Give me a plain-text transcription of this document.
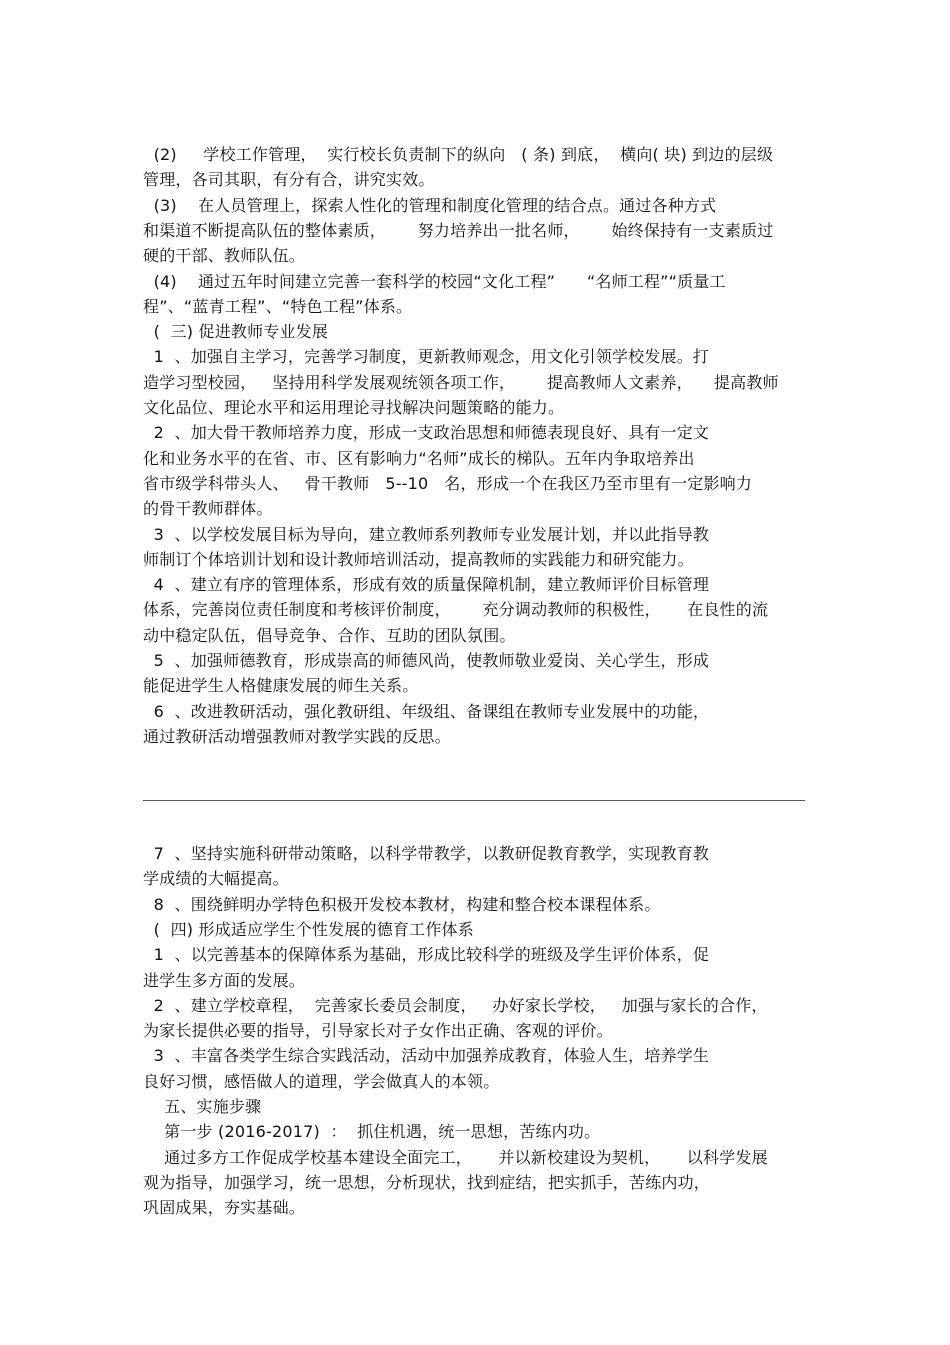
(2)     学校工作管理，  实行校长负责制下的纵向   ( 条) 到底，  横向( 块) 到边的层级
管理，各司其职，有分有合，讲究实效。
(3)    在人员管理上，探索人性化的管理和制度化管理的结合点。通过各种方式
和渠道不断提高队伍的整体素质，      努力培养出一批名师，      始终保持有一支素质过
硬的干部、教师队伍。
(4)    通过五年时间建立完善一套科学的校园“文化工程”      “名师工程”“质量工
程”、“蓝青工程”、“特色工程”体系。
(  三) 促进教师专业发展
1  、加强自主学习，完善学习制度，更新教师观念，用文化引领学校发展。打
造学习型校园，   坚持用科学发展观统领各项工作，      提高教师人文素养，    提高教师
文化品位、理论水平和运用理论寻找解决问题策略的能力。
2  、加大骨干教师培养力度，形成一支政治思想和师德表现良好、具有一定文
化和业务水平的在省、市、区有影响力“名师”成长的梯队。五年内争取培养出
省市级学科带头人、   骨干教师   5--10   名，形成一个在我区乃至市里有一定影响力
的骨干教师群体。
3  、以学校发展目标为导向，建立教师系列教师专业发展计划，并以此指导教
师制订个体培训计划和设计教师培训活动，提高教师的实践能力和研究能力。
4  、建立有序的管理体系，形成有效的质量保障机制，建立教师评价目标管理
体系，完善岗位责任制度和考核评价制度，      充分调动教师的积极性，     在良性的流
动中稳定队伍，倡导竞争、合作、互助的团队氛围。
5  、加强师德教育，形成崇高的师德风尚，使教师敬业爱岗、关心学生，形成
能促进学生人格健康发展的师生关系。
6  、改进教研活动，强化教研组、年级组、备课组在教师专业发展中的功能，
通过教研活动增强教师对教学实践的反思。
7  、坚持实施科研带动策略，以科学带教学，以教研促教育教学，实现教育教
学成绩的大幅提高。
8  、围绕鲜明办学特色积极开发校本教材，构建和整合校本课程体系。
(  四) 形成适应学生个性发展的德育工作体系
1  、以完善基本的保障体系为基础，形成比较科学的班级及学生评价体系，促
进学生多方面的发展。
2  、建立学校章程，  完善家长委员会制度，   办好家长学校，   加强与家长的合作，
为家长提供必要的指导，引导家长对子女作出正确、客观的评价。
3  、丰富各类学生综合实践活动，活动中加强养成教育，体验人生，培养学生
良好习惯，感悟做人的道理，学会做真人的本领。
五、实施步骤
第一步 (2016-2017)  ：  抓住机遇，统一思想，苦练内功。
通过多方工作促成学校基本建设全面完工，     并以新校建设为契机，     以科学发展
观为指导，加强学习，统一思想，分析现状，找到症结，把实抓手，苦练内功，
巩固成果，夯实基础。
